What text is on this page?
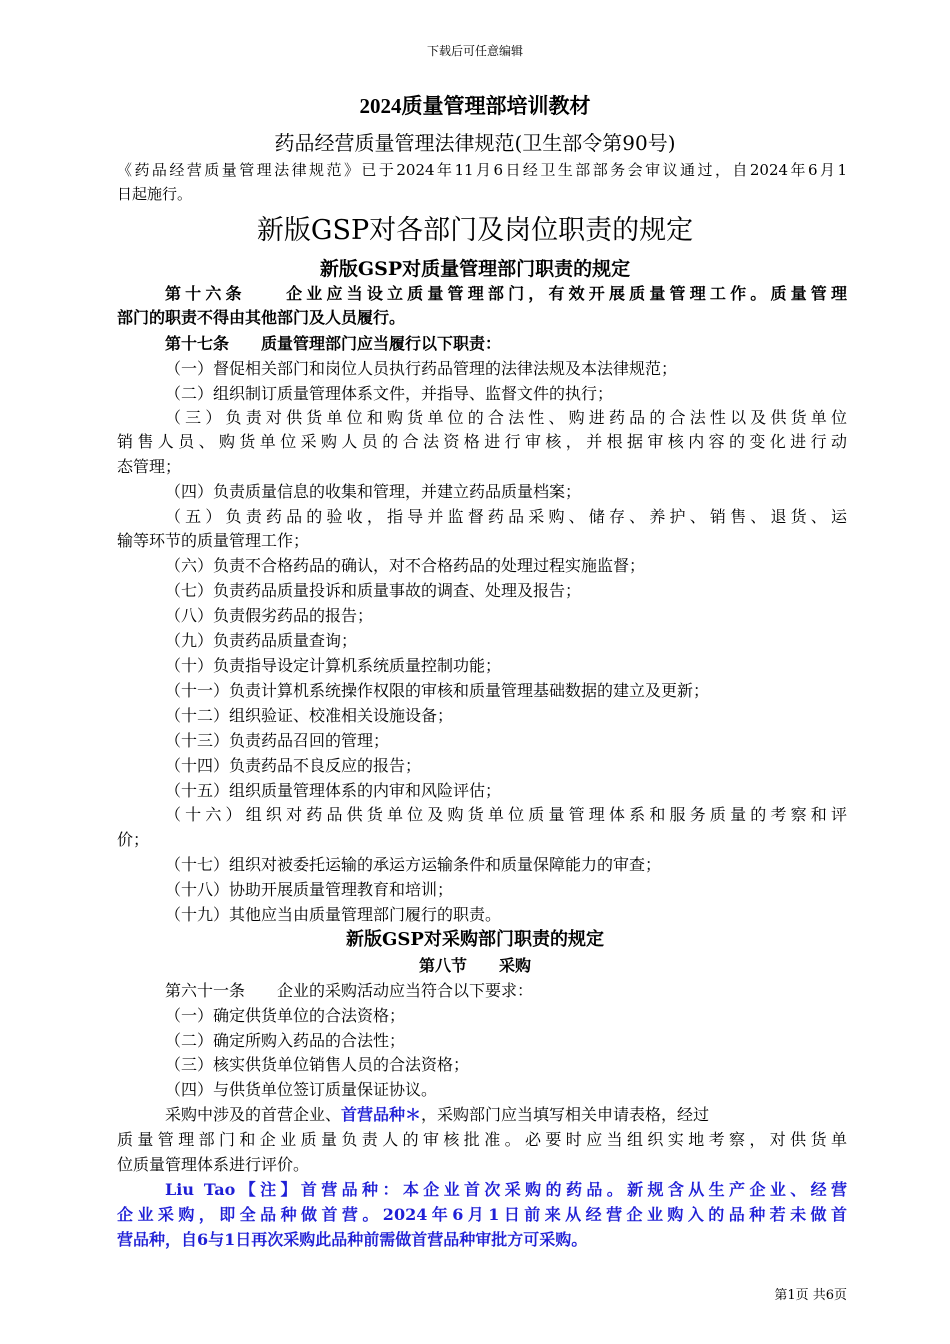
下载后可任意编辑
2024质量管理部培训教材
药品经营质量管理法律规范(卫生部令第90号)
《药品经营质量管理法律规范》已于2024年11月6日经卫生部部务会审议通过，自2024年6月1
日起施行。
新版GSP对各部门及岗位职责的规定
新版GSP对质量管理部门职责的规定
第十六条　　企业应当设立质量管理部门，有效开展质量管理工作。质量管理
部门的职责不得由其他部门及人员履行。
第十七条　　质量管理部门应当履行以下职责：
（一）督促相关部门和岗位人员执行药品管理的法律法规及本法律规范；
（二）组织制订质量管理体系文件，并指导、监督文件的执行；
（三）负责对供货单位和购货单位的合法性、购进药品的合法性以及供货单位
销售人员、购货单位采购人员的合法资格进行审核，并根据审核内容的变化进行动
态管理；
（四）负责质量信息的收集和管理，并建立药品质量档案；
（五）负责药品的验收，指导并监督药品采购、储存、养护、销售、退货、运
输等环节的质量管理工作；
（六）负责不合格药品的确认，对不合格药品的处理过程实施监督；
（七）负责药品质量投诉和质量事故的调查、处理及报告；
（八）负责假劣药品的报告；
（九）负责药品质量查询；
（十）负责指导设定计算机系统质量控制功能；
（十一）负责计算机系统操作权限的审核和质量管理基础数据的建立及更新；
（十二）组织验证、校准相关设施设备；
（十三）负责药品召回的管理；
（十四）负责药品不良反应的报告；
（十五）组织质量管理体系的内审和风险评估；
（十六）组织对药品供货单位及购货单位质量管理体系和服务质量的考察和评
价；
（十七）组织对被委托运输的承运方运输条件和质量保障能力的审查；
（十八）协助开展质量管理教育和培训；
（十九）其他应当由质量管理部门履行的职责。
新版GSP对采购部门职责的规定
第八节　　采购
第六十一条　　企业的采购活动应当符合以下要求：
（一）确定供货单位的合法资格；
（二）确定所购入药品的合法性；
（三）核实供货单位销售人员的合法资格；
（四）与供货单位签订质量保证协议。
采购中涉及的首营企业、首营品种＊，采购部门应当填写相关申请表格，经过
质量管理部门和企业质量负责人的审核批准。必要时应当组织实地考察，对供货单
位质量管理体系进行评价。
Liu Tao【注】首营品种：本企业首次采购的药品。新规含从生产企业、经营
企业采购，即全品种做首营。2024年6月1日前来从经营企业购入的品种若未做首
营品种，自6与1日再次采购此品种前需做首营品种审批方可采购。
第1页 共6页
